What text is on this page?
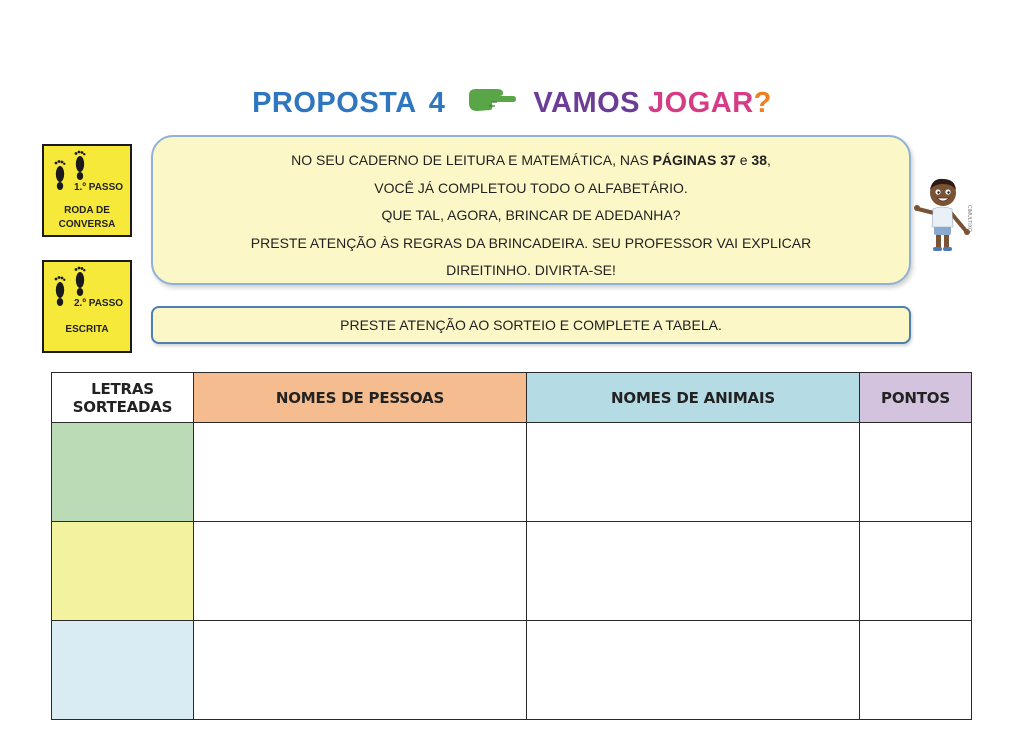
PROPOSTA 4	VAMOS JOGAR ?
1.º PASSO
RODA DE
CONVERSA
2.º PASSO
ESCRITA
NO SEU CADERNO DE LEITURA E MATEMÁTICA, NAS PÁGINAS 37 e 38,
VOCÊ JÁ COMPLETOU TODO O ALFABETÁRIO.
QUE TAL, AGORA, BRINCAR DE ADEDANHA?
PRESTE ATENÇÃO ÀS REGRAS DA BRINCADEIRA. SEU PROFESSOR VAI EXPLICAR
DIREITINHO. DIVIRTA-SE!
PRESTE ATENÇÃO AO SORTEIO E COMPLETE A TABELA.
CIMULTIXO
LETRAS
SORTEADAS	NOMES DE PESSOAS	NOMES DE ANIMAIS	PONTOS
